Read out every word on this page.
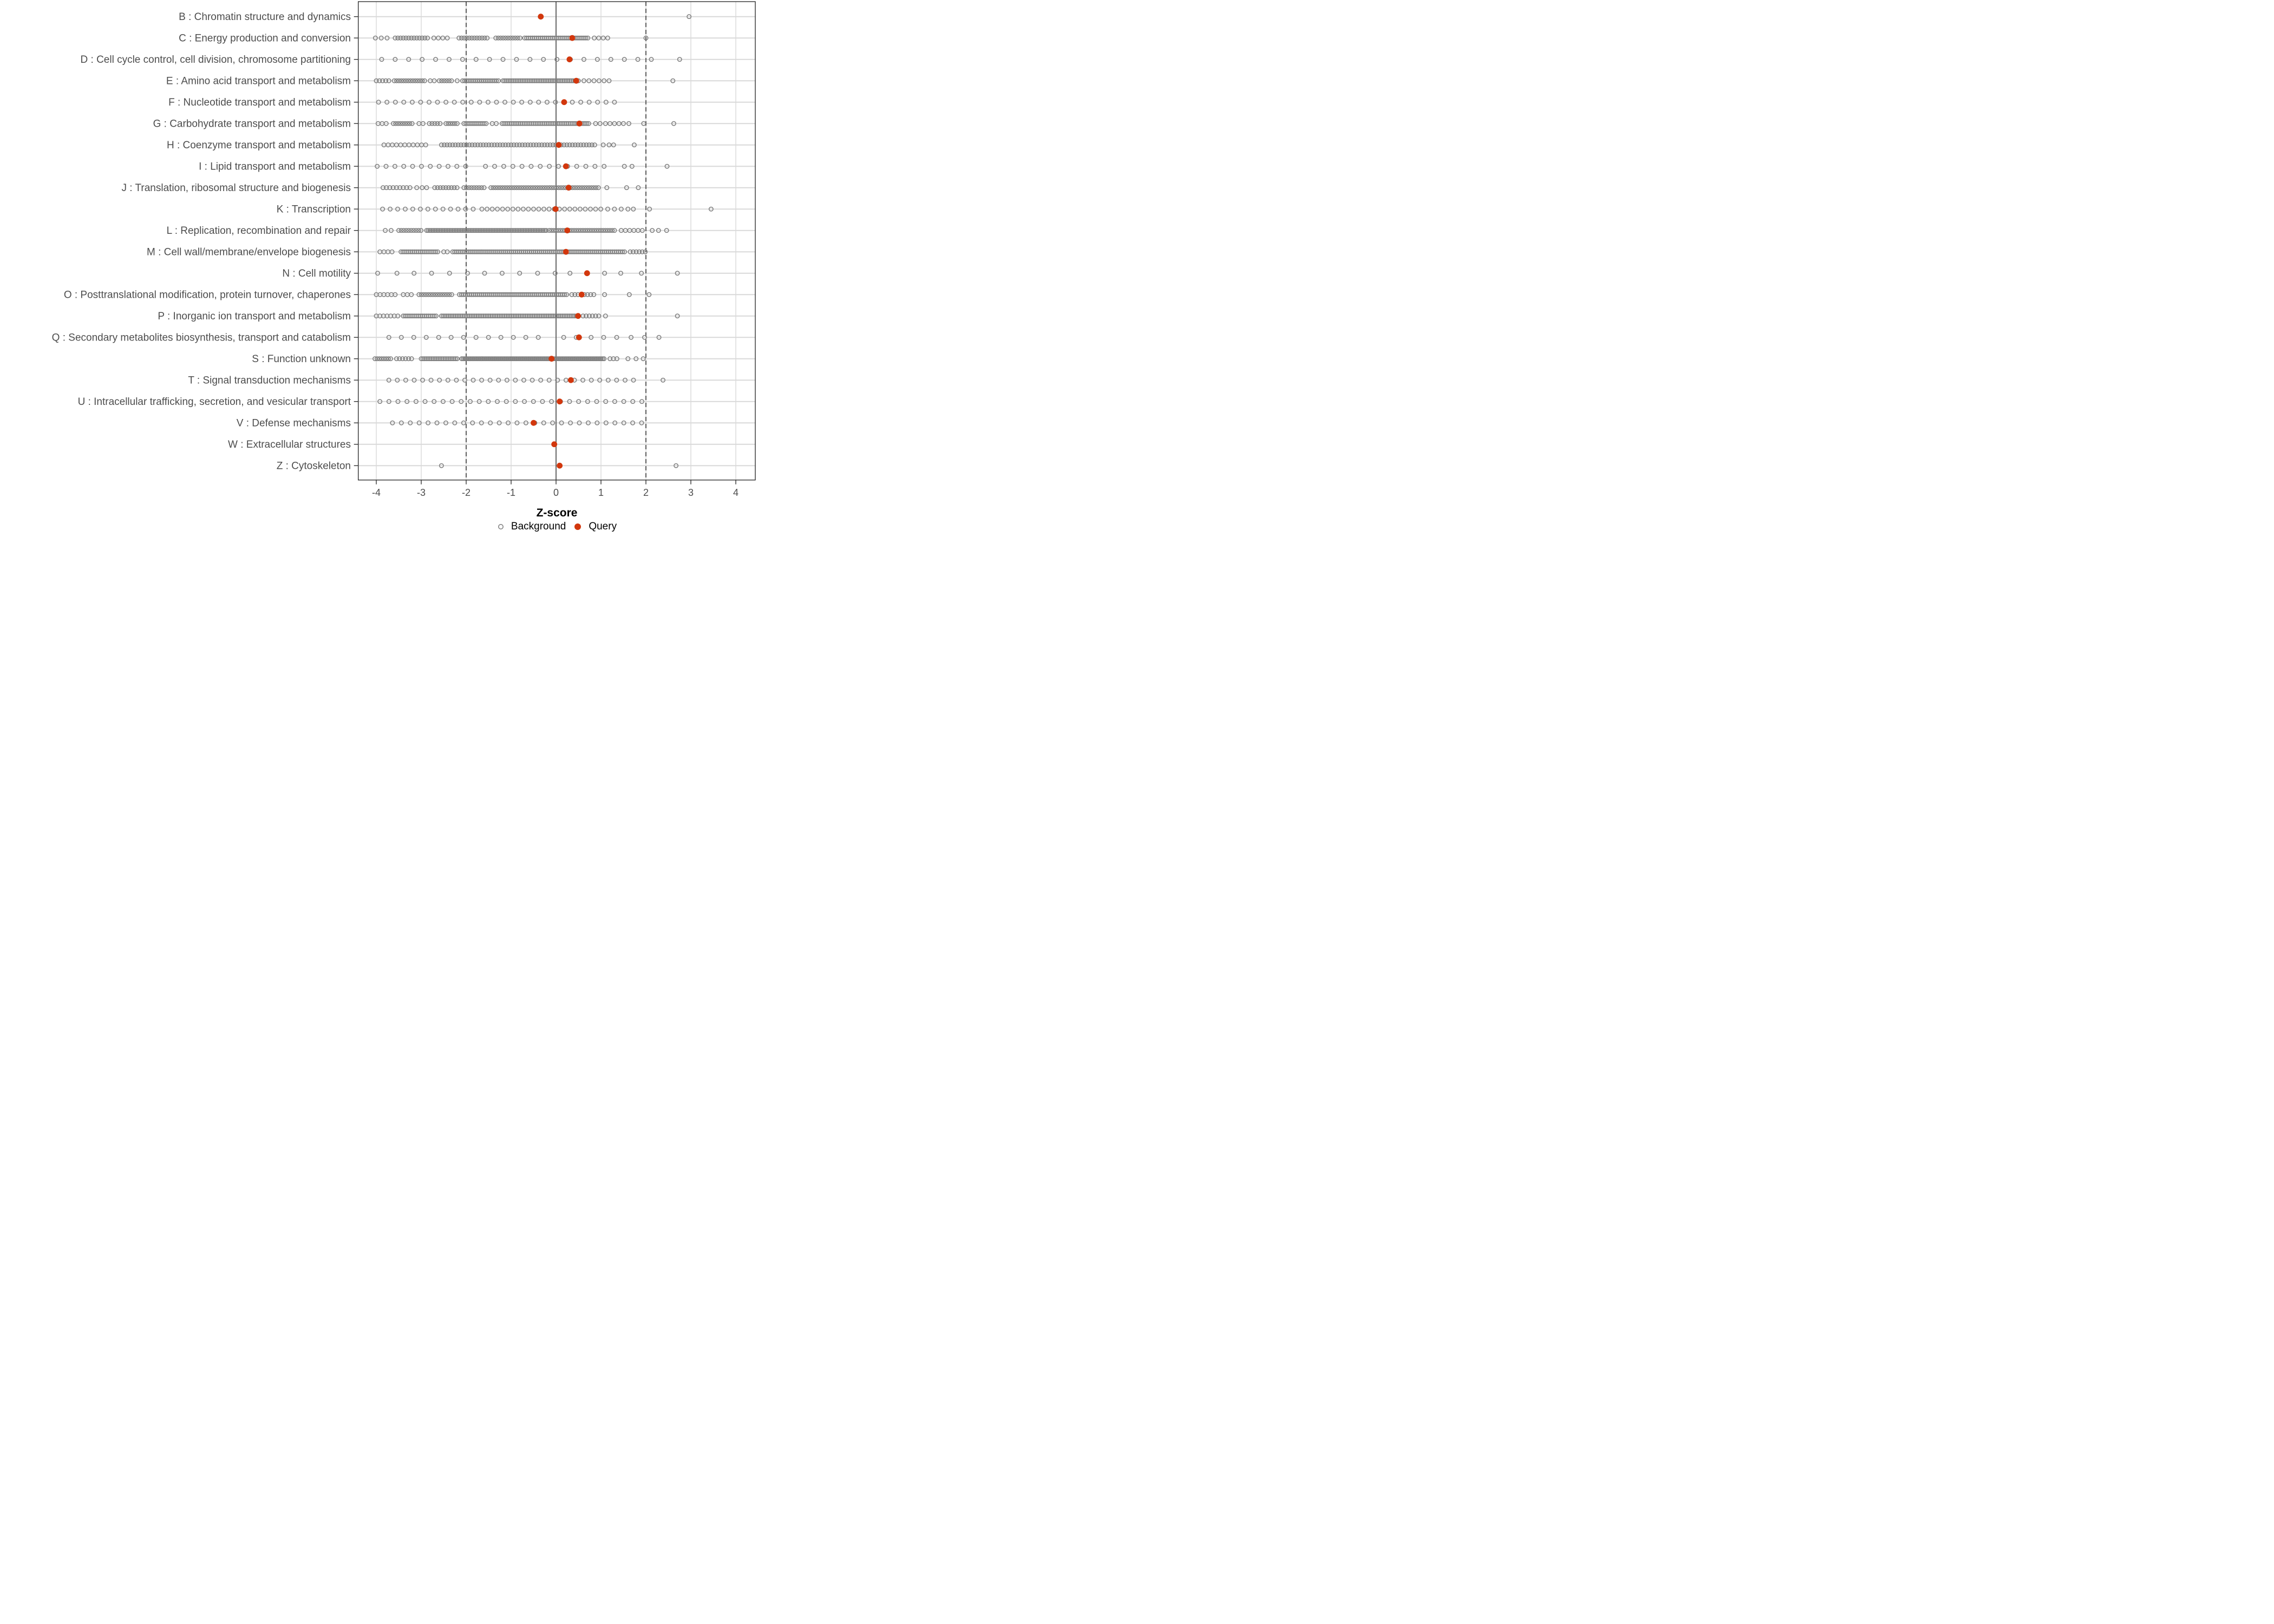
-4	-3	-2	-1	0	1	2	3	4
B : Chromatin structure and dynamics
C : Energy production and conversion
D : Cell cycle control, cell division, chromosome partitioning
E : Amino acid transport and metabolism
F : Nucleotide transport and metabolism
G : Carbohydrate transport and metabolism
H : Coenzyme transport and metabolism
I : Lipid transport and metabolism
J : Translation, ribosomal structure and biogenesis
K : Transcription
L : Replication, recombination and repair
M : Cell wall/membrane/envelope biogenesis
N : Cell motility
O : Posttranslational modification, protein turnover, chaperones
P : Inorganic ion transport and metabolism
Q : Secondary metabolites biosynthesis, transport and catabolism
S : Function unknown
T : Signal transduction mechanisms
U : Intracellular trafficking, secretion, and vesicular transport
V : Defense mechanisms
W : Extracellular structures
Z : Cytoskeleton
Z-score
Background Query
